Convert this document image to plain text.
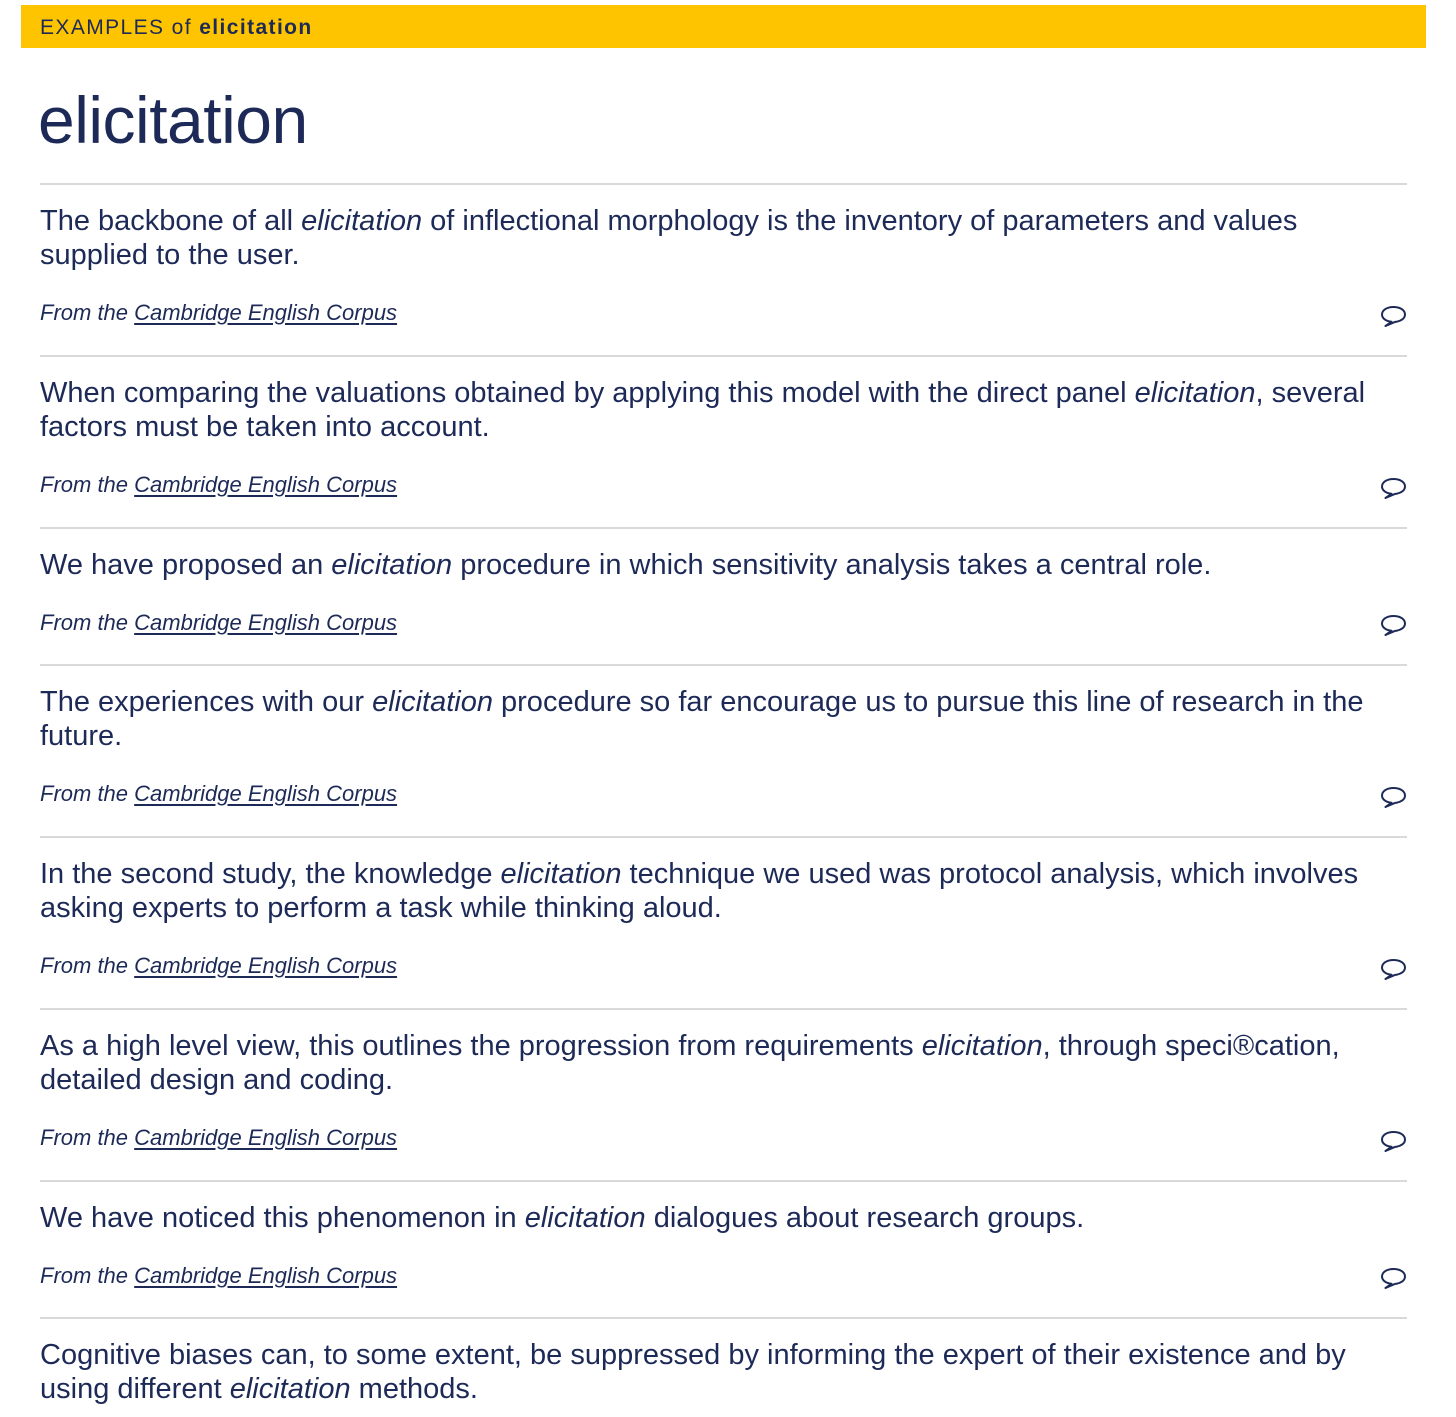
EXAMPLES of elicitation
elicitation

The backbone of all elicitation of inflectional morphology is the inventory of parameters and values supplied to the user.

From the Cambridge English Corpus

When comparing the valuations obtained by applying this model with the direct panel elicitation, several factors must be taken into account.

From the Cambridge English Corpus

We have proposed an elicitation procedure in which sensitivity analysis takes a central role.

From the Cambridge English Corpus

The experiences with our elicitation procedure so far encourage us to pursue this line of research in the future.

From the Cambridge English Corpus

In the second study, the knowledge elicitation technique we used was protocol analysis, which involves asking experts to perform a task while thinking aloud.

From the Cambridge English Corpus

As a high level view, this outlines the progression from requirements elicitation, through speci®cation, detailed design and coding.

From the Cambridge English Corpus

We have noticed this phenomenon in elicitation dialogues about research groups.

From the Cambridge English Corpus

Cognitive biases can, to some extent, be suppressed by informing the expert of their existence and by using different elicitation methods.
